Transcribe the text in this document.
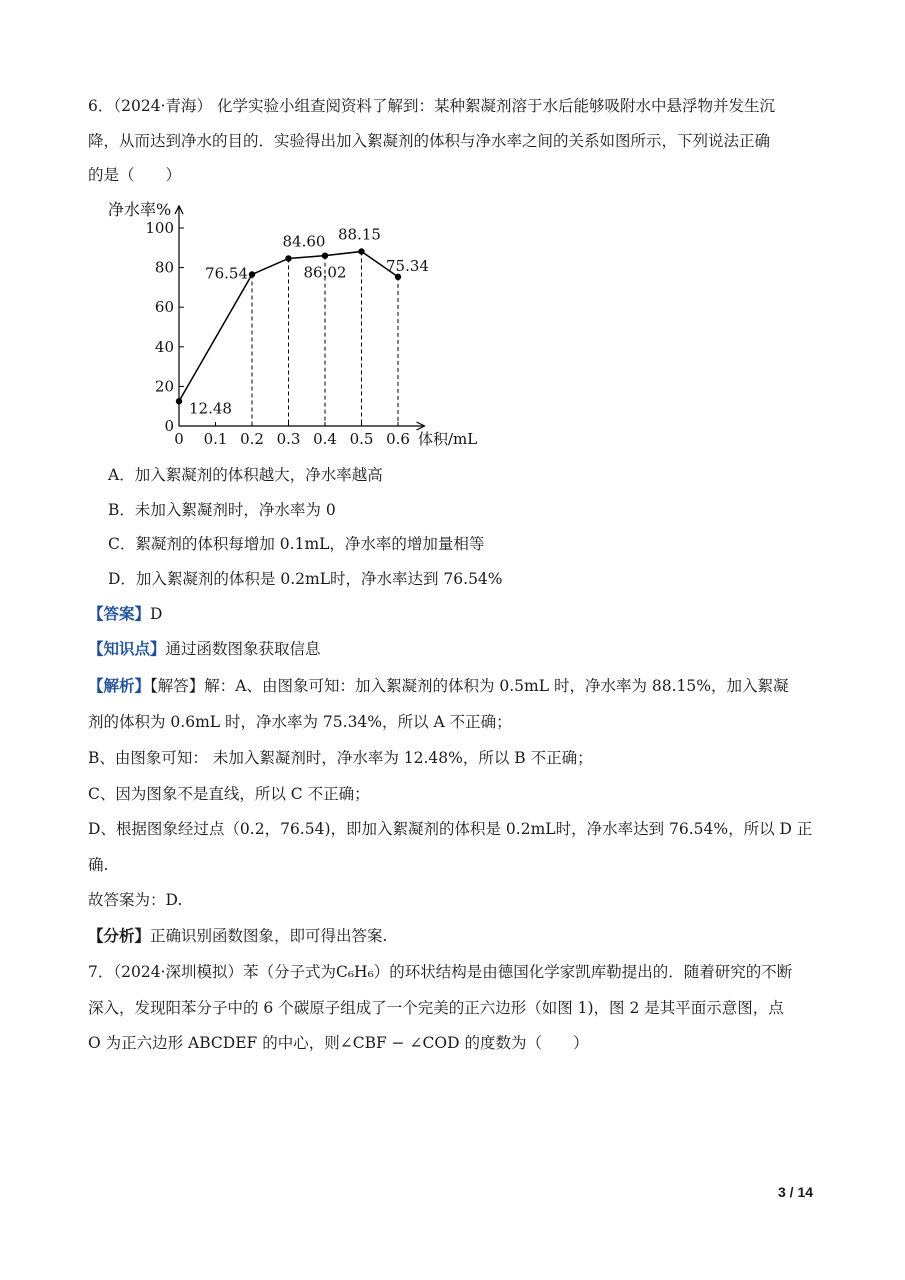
6．（2024·青海） 化学实验小组查阅资料了解到：某种絮凝剂溶于水后能够吸附水中悬浮物并发生沉
降，从而达到净水的目的．实验得出加入絮凝剂的体积与净水率之间的关系如图所示，下列说法正确
的是（　　）
0
20
40
60
80
100
0 0.1 0.2 0.3 0.4 0.5 0.6
净水率%
体积/mL
12.48
76.54
84.60
86.02
88.15
75.34
A．加入絮凝剂的体积越大，净水率越高
B．未加入絮凝剂时，净水率为 0
C．絮凝剂的体积每增加 0.1mL，净水率的增加量相等
D．加入絮凝剂的体积是 0.2mL时，净水率达到 76.54%
【答案】D
【知识点】通过函数图象获取信息
【解析】【解答】解：A、由图象可知：加入絮凝剂的体积为 0.5mL 时，净水率为 88.15%，加入絮凝
剂的体积为 0.6mL 时，净水率为 75.34%，所以 A 不正确；
B、由图象可知： 未加入絮凝剂时，净水率为 12.48%，所以 B 不正确；
C、因为图象不是直线，所以 C 不正确；
D、根据图象经过点（0.2，76.54)，即加入絮凝剂的体积是 0.2mL时，净水率达到 76.54%，所以 D 正
确.
故答案为：D.
【分析】正确识别函数图象，即可得出答案.
7．（2024·深圳模拟）苯（分子式为C₆H₆）的环状结构是由德国化学家凯库勒提出的．随着研究的不断
深入，发现阳苯分子中的 6 个碳原子组成了一个完美的正六边形（如图 1)，图 2 是其平面示意图，点
O 为正六边形 ABCDEF 的中心，则∠CBF − ∠COD 的度数为（　　）
3 / 14
